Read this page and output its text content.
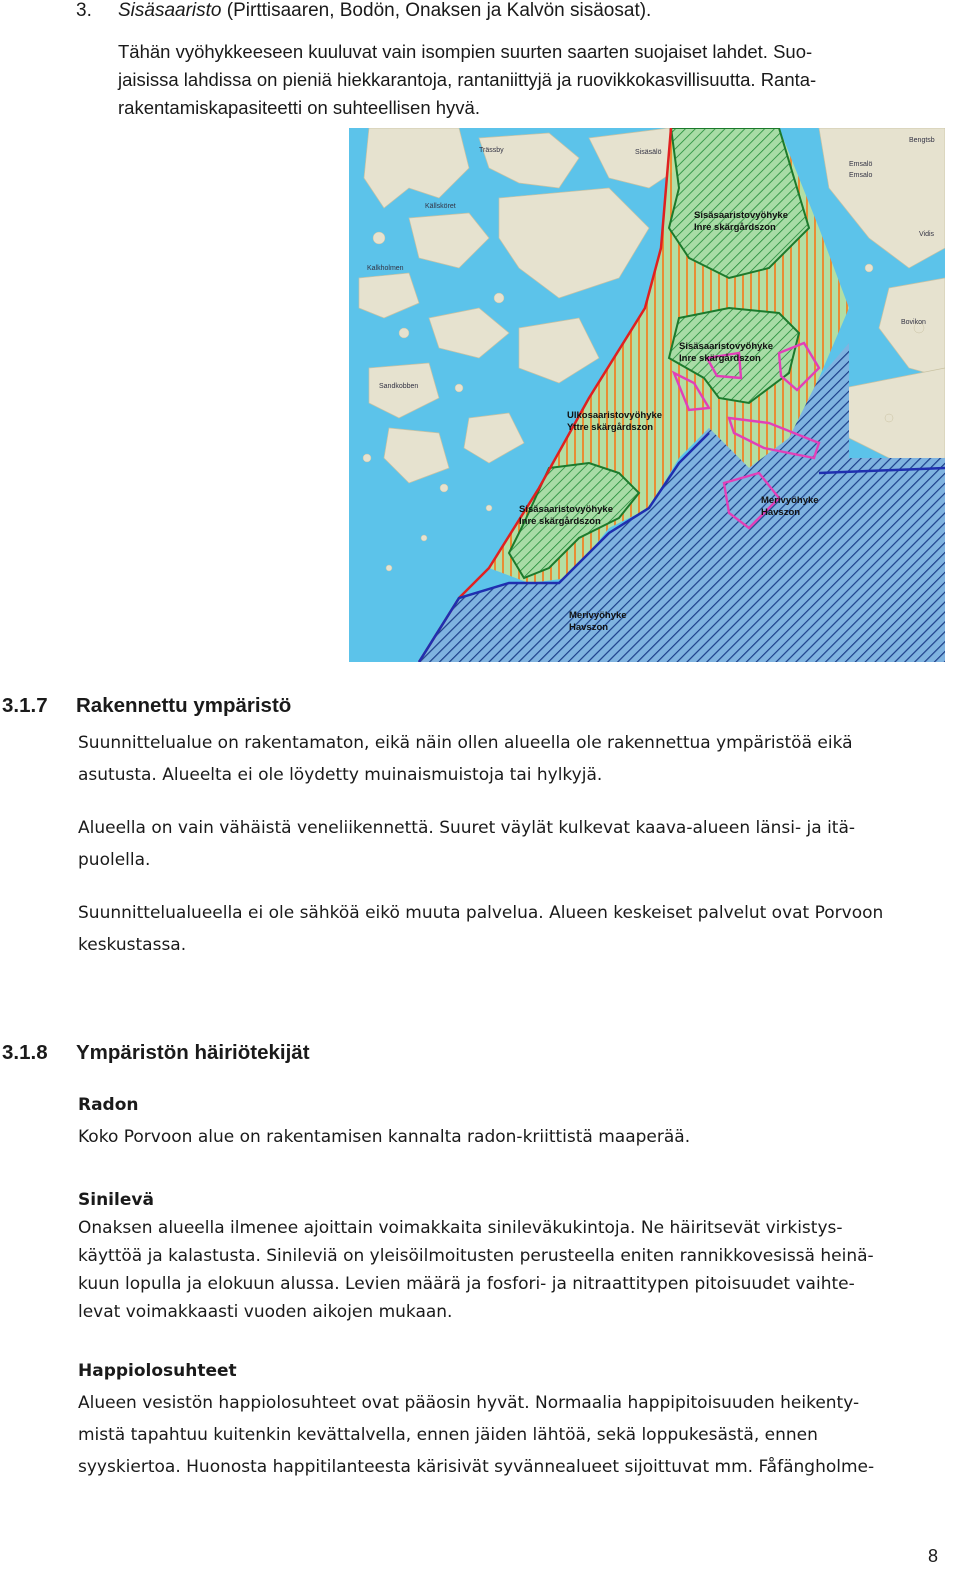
3. Sisäsaaristo (Pirttisaaren, Bodön, Onaksen ja Kalvön sisäosat).
Tähän vyöhykkeeseen kuuluvat vain isompien suurten saarten suojaiset lahdet. Suo-
jaisissa lahdissa on pieniä hiekkarantoja, rantaniittyjä ja ruovikkokasvillisuutta. Ranta-
rakentamiskapasiteetti on suhteellisen hyvä.
Trässby
Emsalö
Emsalo
Bengtsb
Vidis
Bovikon
Kalkholmen
Sandkobben
Sisäsälö
Källsköret
Sisäsaaristovyöhyke
Inre skärgårdszon
Sisäsaaristovyöhyke
Inre skärgårdszon
Ulkosaaristovyöhyke
Yttre skärgårdszon
Sisäsaaristovyöhyke
Inre skärgårdszon
Merivyöhyke
Havszon
Merivyöhyke
Havszon
3.1.7 Rakennettu ympäristö
Suunnittelualue on rakentamaton, eikä näin ollen alueella ole rakennettua ympäristöä eikä
asutusta. Alueelta ei ole löydetty muinaismuistoja tai hylkyjä.
Alueella on vain vähäistä veneliikennettä. Suuret väylät kulkevat kaava-alueen länsi- ja itä-
puolella.
Suunnittelualueella ei ole sähköä eikö muuta palvelua. Alueen keskeiset palvelut ovat Porvoon
keskustassa.
3.1.8 Ympäristön häiriötekijät
Radon
Koko Porvoon alue on rakentamisen kannalta radon-kriittistä maaperää.
Sinilevä
Onaksen alueella ilmenee ajoittain voimakkaita sinileväkukintoja. Ne häiritsevät virkistys-
käyttöä ja kalastusta. Sinileviä on yleisöilmoitusten perusteella eniten rannikkovesissä heinä-
kuun lopulla ja elokuun alussa. Levien määrä ja fosfori- ja nitraattitypen pitoisuudet vaihte-
levat voimakkaasti vuoden aikojen mukaan.
Happiolosuhteet
Alueen vesistön happiolosuhteet ovat pääosin hyvät. Normaalia happipitoisuuden heikenty-
mistä tapahtuu kuitenkin kevättalvella, ennen jäiden lähtöä, sekä loppukesästä, ennen
syyskiertoa. Huonosta happitilanteesta kärisivät syvännealueet sijoittuvat mm. Fåfängholme-
8
